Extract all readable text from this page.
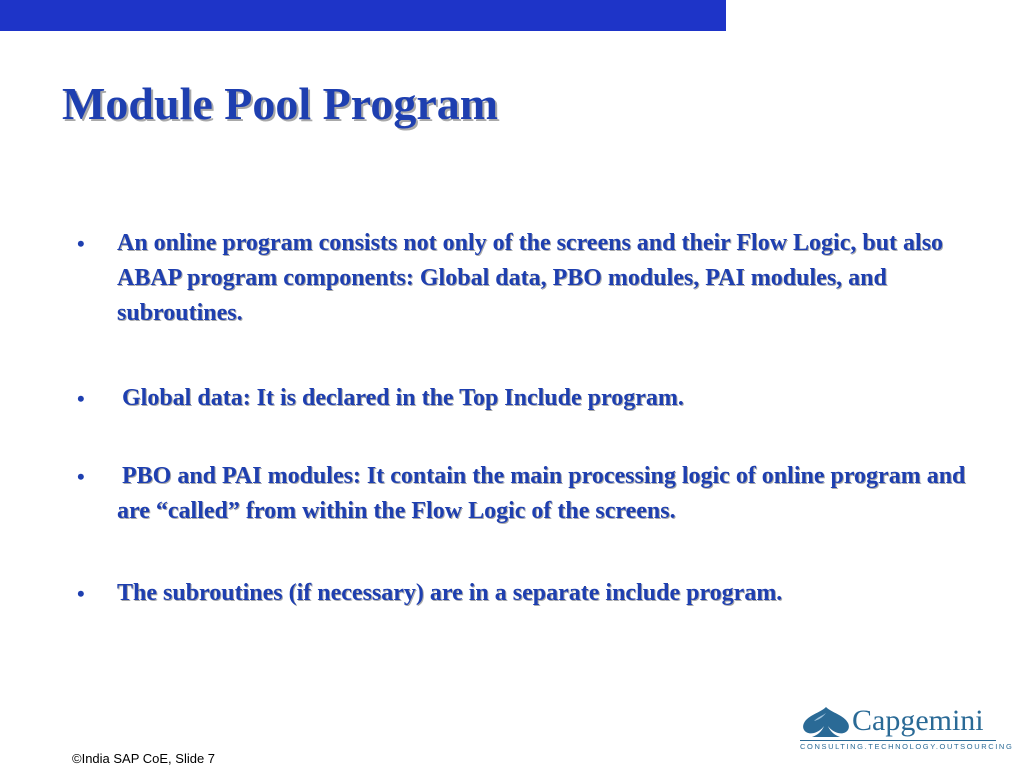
Module Pool Program
• An online program consists not only of the screens and their Flow Logic, but also ABAP program components: Global data, PBO modules, PAI modules, and subroutines.

• Global data: It is declared in the Top Include program.

• PBO and PAI modules: It contain the main processing logic of online program and are “called” from within the Flow Logic of the screens.

• The subroutines (if necessary) are in a separate include program.

©India SAP CoE, Slide 7
Capgemini
CONSULTING.TECHNOLOGY.OUTSOURCING
